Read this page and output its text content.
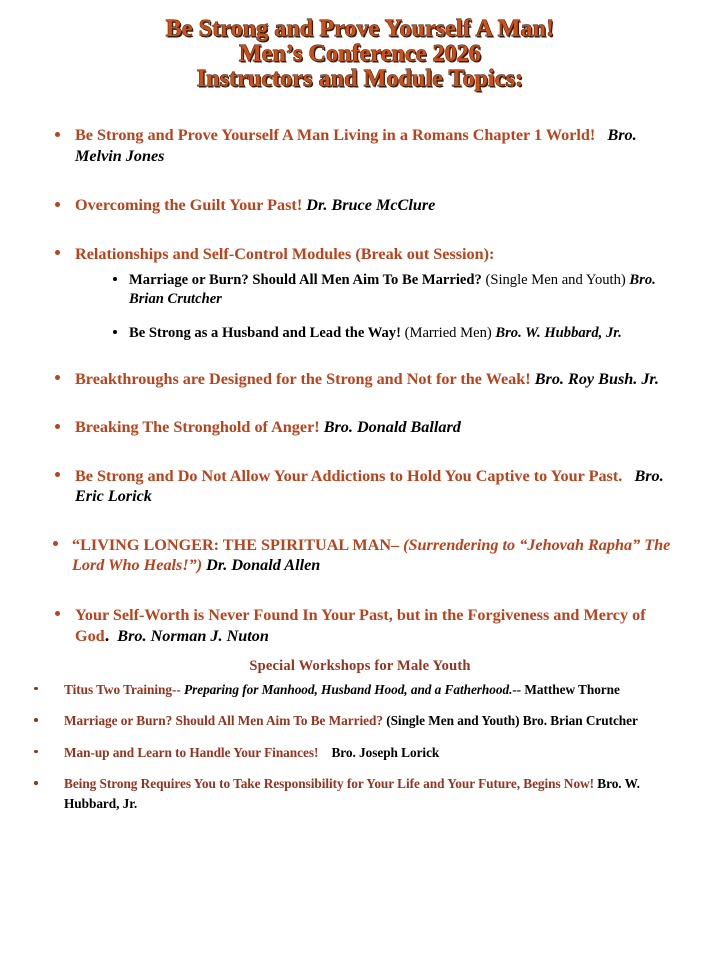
Be Strong and Prove Yourself A Man!
Men’s Conference 2026
Instructors and Module Topics:
Be Strong and Prove Yourself A Man Living in a Romans Chapter 1 World! Bro. Melvin Jones
Overcoming the Guilt Your Past! Dr. Bruce McClure
Relationships and Self-Control Modules (Break out Session):
Marriage or Burn? Should All Men Aim To Be Married? (Single Men and Youth) Bro. Brian Crutcher
Be Strong as a Husband and Lead the Way! (Married Men) Bro. W. Hubbard, Jr.
Breakthroughs are Designed for the Strong and Not for the Weak! Bro. Roy Bush. Jr.
Breaking The Stronghold of Anger! Bro. Donald Ballard
Be Strong and Do Not Allow Your Addictions to Hold You Captive to Your Past. Bro. Eric Lorick
“LIVING LONGER: THE SPIRITUAL MAN– (Surrendering to “Jehovah Rapha” The Lord Who Heals!”) Dr. Donald Allen
Your Self-Worth is Never Found In Your Past, but in the Forgiveness and Mercy of God. Bro. Norman J. Nuton
Special Workshops for Male Youth
Titus Two Training-- Preparing for Manhood, Husband Hood, and a Fatherhood.-- Matthew Thorne
Marriage or Burn? Should All Men Aim To Be Married? (Single Men and Youth) Bro. Brian Crutcher
Man-up and Learn to Handle Your Finances! Bro. Joseph Lorick
Being Strong Requires You to Take Responsibility for Your Life and Your Future, Begins Now! Bro. W. Hubbard, Jr.
